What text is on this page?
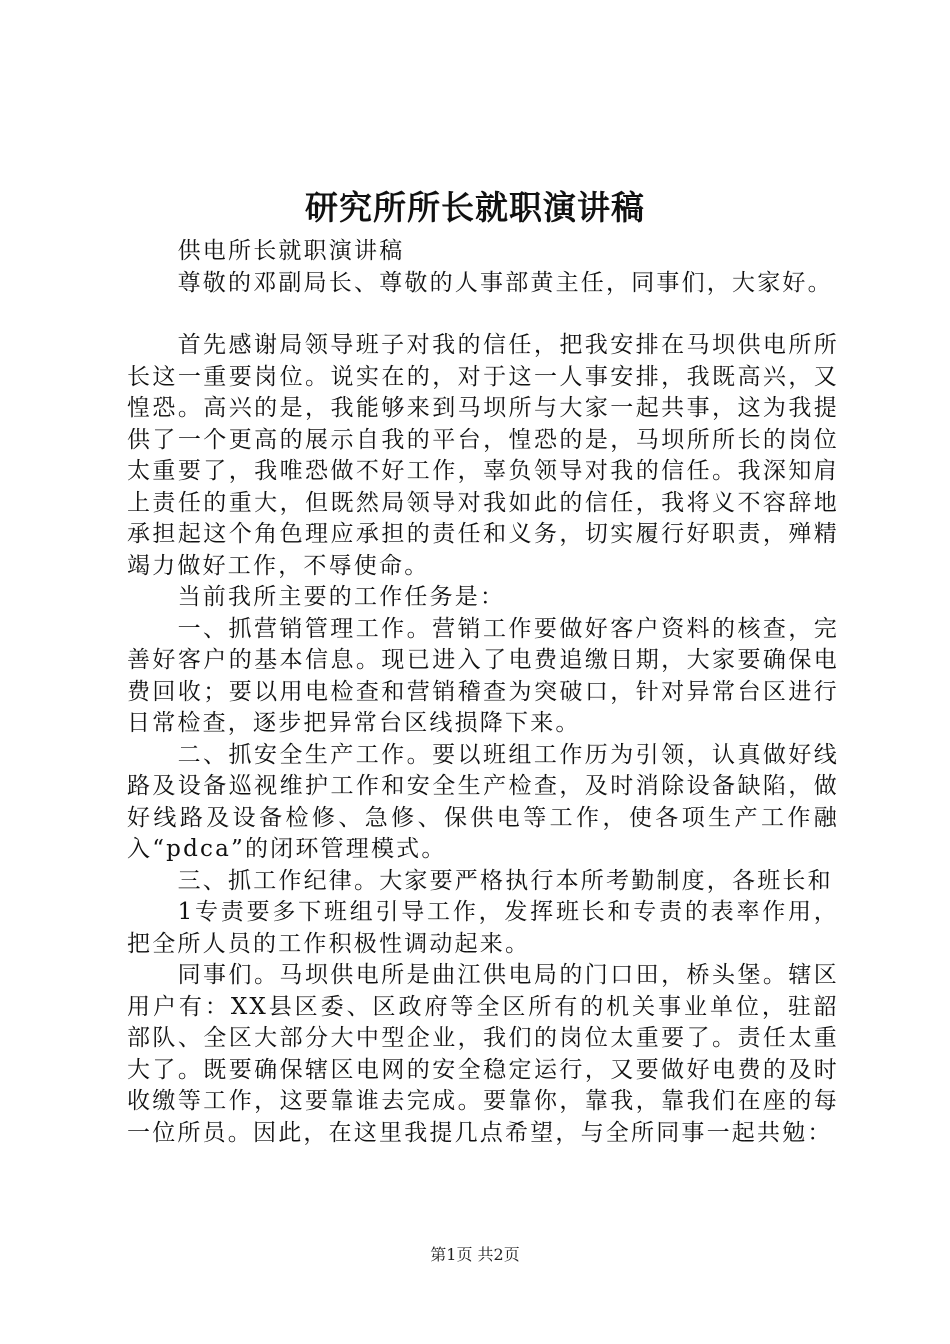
研究所所长就职演讲稿

供电所长就职演讲稿

尊敬的邓副局长、尊敬的人事部黄主任，同事们，大家好。

首先感谢局领导班子对我的信任，把我安排在马坝供电所所长这一重要岗位。说实在的，对于这一人事安排，我既高兴，又惶恐。高兴的是，我能够来到马坝所与大家一起共事，这为我提供了一个更高的展示自我的平台，惶恐的是，马坝所所长的岗位太重要了，我唯恐做不好工作，辜负领导对我的信任。我深知肩上责任的重大，但既然局领导对我如此的信任，我将义不容辞地承担起这个角色理应承担的责任和义务，切实履行好职责，殚精竭力做好工作，不辱使命。

当前我所主要的工作任务是：

一、抓营销管理工作。营销工作要做好客户资料的核查，完善好客户的基本信息。现已进入了电费追缴日期，大家要确保电费回收；要以用电检查和营销稽查为突破口，针对异常台区进行日常检查，逐步把异常台区线损降下来。

二、抓安全生产工作。要以班组工作历为引领，认真做好线路及设备巡视维护工作和安全生产检查，及时消除设备缺陷，做好线路及设备检修、急修、保供电等工作，使各项生产工作融入“pdca”的闭环管理模式。

三、抓工作纪律。大家要严格执行本所考勤制度，各班长和

1专责要多下班组引导工作，发挥班长和专责的表率作用，把全所人员的工作积极性调动起来。

同事们。马坝供电所是曲江供电局的门口田，桥头堡。辖区用户有：XX县区委、区政府等全区所有的机关事业单位，驻韶部队、全区大部分大中型企业，我们的岗位太重要了。责任太重大了。既要确保辖区电网的安全稳定运行，又要做好电费的及时收缴等工作，这要靠谁去完成。要靠你，靠我，靠我们在座的每一位所员。因此，在这里我提几点希望，与全所同事一起共勉：

第1页 共2页
